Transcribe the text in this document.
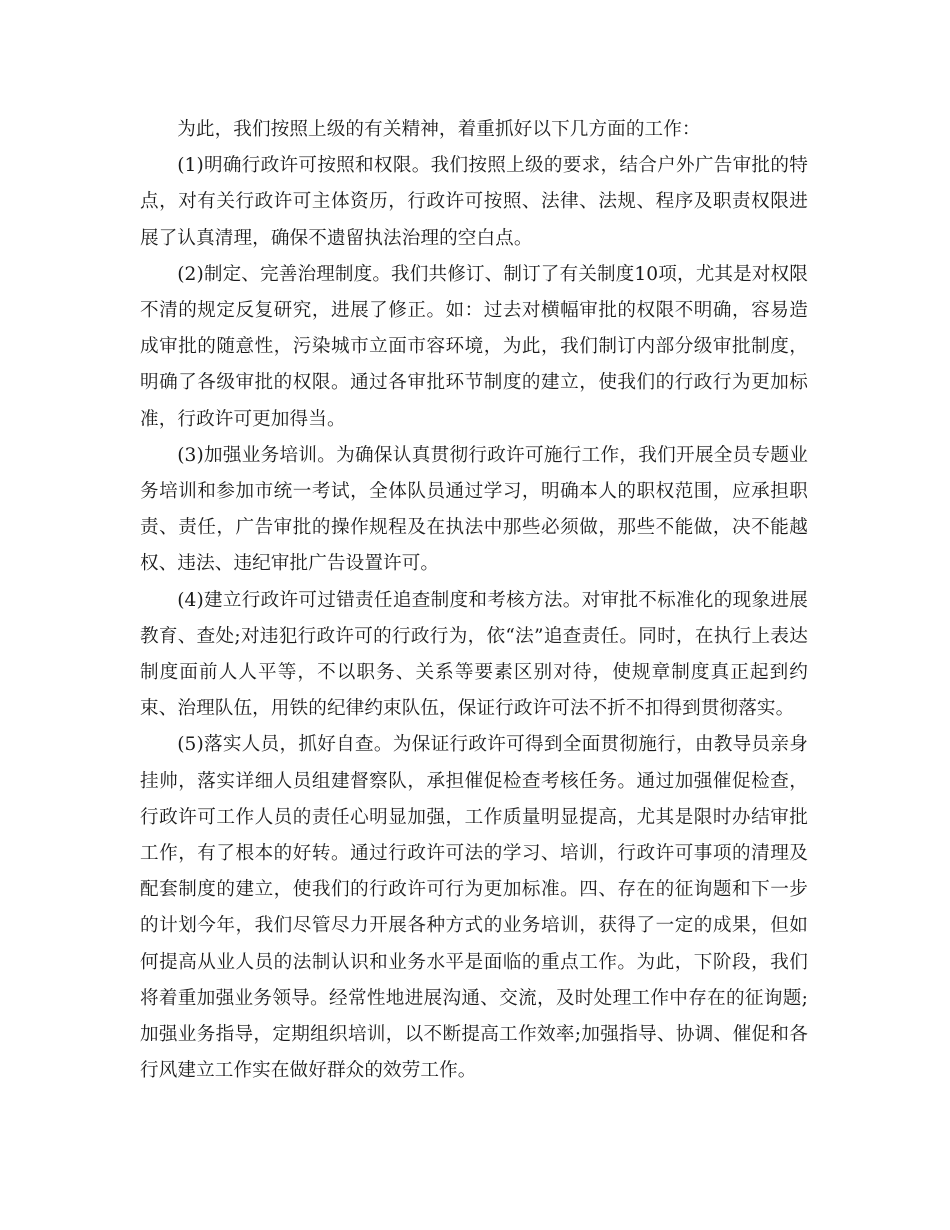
为此，我们按照上级的有关精神，着重抓好以下几方面的工作：

(1)明确行政许可按照和权限。我们按照上级的要求，结合户外广告审批的特点，对有关行政许可主体资历，行政许可按照、法律、法规、程序及职责权限进展了认真清理，确保不遗留执法治理的空白点。

(2)制定、完善治理制度。我们共修订、制订了有关制度10项，尤其是对权限不清的规定反复研究，进展了修正。如：过去对横幅审批的权限不明确，容易造成审批的随意性，污染城市立面市容环境，为此，我们制订内部分级审批制度，明确了各级审批的权限。通过各审批环节制度的建立，使我们的行政行为更加标准，行政许可更加得当。

(3)加强业务培训。为确保认真贯彻行政许可施行工作，我们开展全员专题业务培训和参加市统一考试，全体队员通过学习，明确本人的职权范围，应承担职责、责任，广告审批的操作规程及在执法中那些必须做，那些不能做，决不能越权、违法、违纪审批广告设置许可。

(4)建立行政许可过错责任追查制度和考核方法。对审批不标准化的现象进展教育、查处;对违犯行政许可的行政行为，依“法”追查责任。同时，在执行上表达制度面前人人平等，不以职务、关系等要素区别对待，使规章制度真正起到约束、治理队伍，用铁的纪律约束队伍，保证行政许可法不折不扣得到贯彻落实。

(5)落实人员，抓好自查。为保证行政许可得到全面贯彻施行，由教导员亲身挂帅，落实详细人员组建督察队，承担催促检查考核任务。通过加强催促检查，行政许可工作人员的责任心明显加强，工作质量明显提高，尤其是限时办结审批工作，有了根本的好转。通过行政许可法的学习、培训，行政许可事项的清理及配套制度的建立，使我们的行政许可行为更加标准。四、存在的征询题和下一步的计划今年，我们尽管尽力开展各种方式的业务培训，获得了一定的成果，但如何提高从业人员的法制认识和业务水平是面临的重点工作。为此，下阶段，我们将着重加强业务领导。经常性地进展沟通、交流，及时处理工作中存在的征询题;加强业务指导，定期组织培训，以不断提高工作效率;加强指导、协调、催促和各行风建立工作实在做好群众的效劳工作。
